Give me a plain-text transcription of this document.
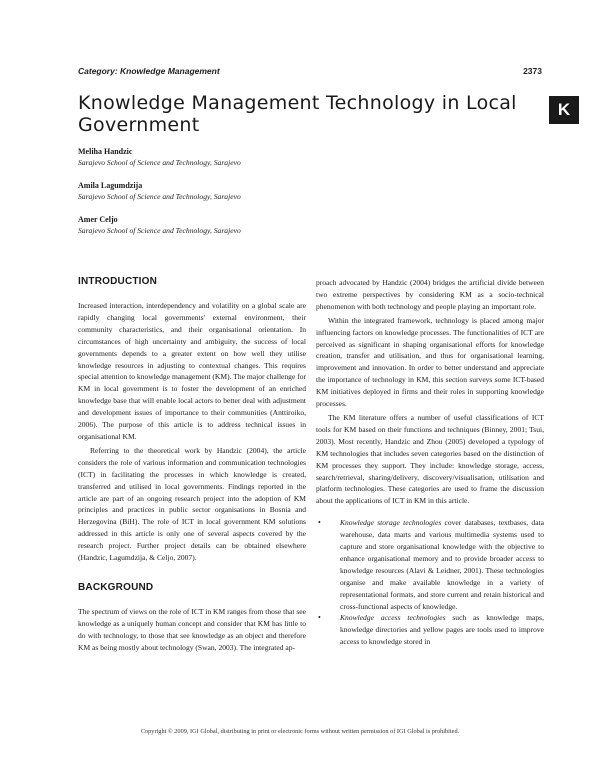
Category: Knowledge Management	2373
K
Knowledge Management Technology in Local Government
Meliha Handzic
Sarajevo School of Science and Technology, Sarajevo
Amila Lagumdzija
Sarajevo School of Science and Technology, Sarajevo
Amer Celjo
Sarajevo School of Science and Technology, Sarajevo
INTRODUCTION

Increased interaction, interdependency and volatility on a global scale are rapidly changing local governments' external environment, their community characteristics, and their organisational orientation. In circumstances of high uncertainty and ambiguity, the success of local governments depends to a greater extent on how well they utilise knowledge resources in adjusting to contextual changes. This requires special attention to knowledge management (KM). The major challenge for KM in local government is to foster the development of an enriched knowledge base that will enable local actors to better deal with adjustment and development issues of importance to their communities (Anttiroiko, 2006). The purpose of this article is to address technical issues in organisational KM.

Referring to the theoretical work by Handzic (2004), the article considers the role of various information and communication technologies (ICT) in facilitating the processes in which knowledge is created, transferred and utilised in local governments. Findings reported in the article are part of an ongoing research project into the adoption of KM principles and practices in public sector organisations in Bosnia and Herzegovina (BiH). The role of ICT in local government KM solutions addressed in this article is only one of several aspects covered by the research project. Further project details can be obtained elsewhere (Handzic, Lagumdzija, & Celjo, 2007).

BACKGROUND

The spectrum of views on the role of ICT in KM ranges from those that see knowledge as a uniquely human concept and consider that KM has little to do with technology, to those that see knowledge as an object and therefore KM as being mostly about technology (Swan, 2003). The integrated ap-

proach advocated by Handzic (2004) bridges the artificial divide between two extreme perspectives by considering KM as a socio-technical phenomenon with both technology and people playing an important role.

Within the integrated framework, technology is placed among major influencing factors on knowledge processes. The functionalities of ICT are perceived as significant in shaping organisational efforts for knowledge creation, transfer and utilisation, and thus for organisational learning, improvement and innovation. In order to better understand and appreciate the importance of technology in KM, this section surveys some ICT-based KM initiatives deployed in firms and their roles in supporting knowledge processes.

The KM literature offers a number of useful classifications of ICT tools for KM based on their functions and techniques (Binney, 2001; Tsui, 2003). Most recently, Handzic and Zhou (2005) developed a typology of KM technologies that includes seven categories based on the distinction of KM processes they support. They include: knowledge storage, access, search/retrieval, sharing/delivery, discovery/visualisation, utilisation and platform technologies. These categories are used to frame the discussion about the applications of ICT in KM in this article.

•	Knowledge storage technologies cover databases, textbases, data warehouse, data marts and various multimedia systems used to capture and store organisational knowledge with the objective to enhance organisational memory and to provide broader access to knowledge resources (Alavi & Leidner, 2001). These technologies organise and make available knowledge in a variety of representational formats, and store current and retain historical and cross-functional aspects of knowledge.
•	Knowledge access technologies such as knowledge maps, knowledge directories and yellow pages are tools used to improve access to knowledge stored in
Copyright © 2009, IGI Global, distributing in print or electronic forms without written permission of IGI Global is prohibited.
